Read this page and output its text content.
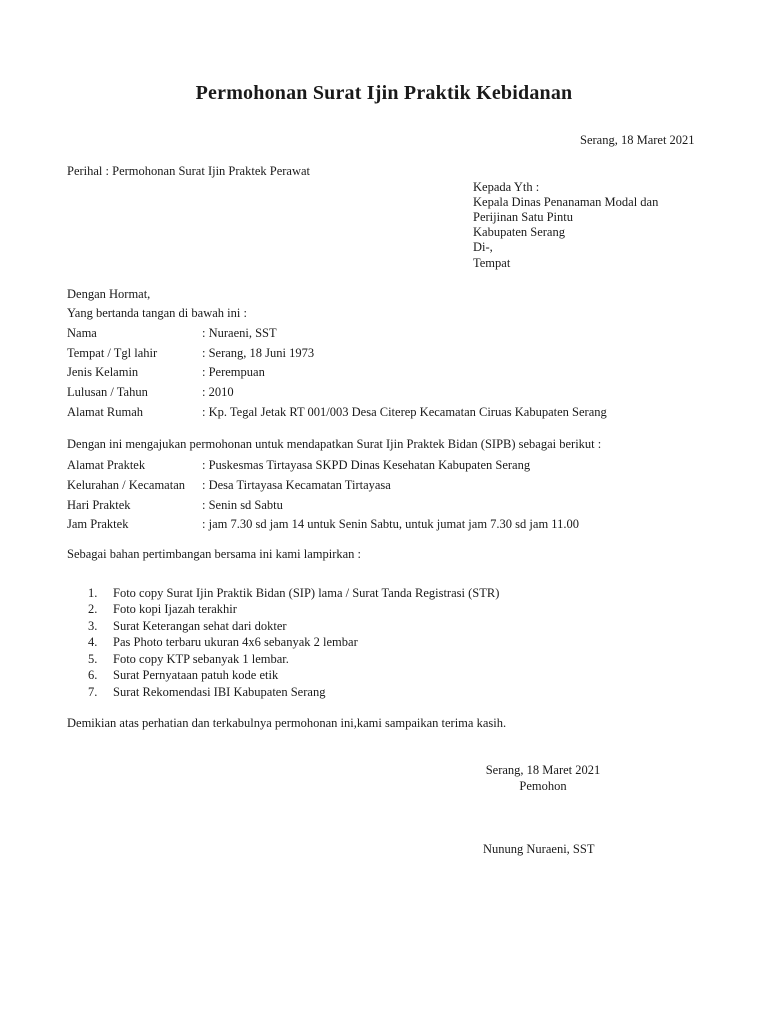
Permohonan Surat Ijin Praktik Kebidanan
Serang, 18 Maret 2021
Perihal : Permohonan Surat Ijin Praktek Perawat
Kepada Yth :
Kepala Dinas Penanaman Modal dan
Perijinan Satu Pintu
Kabupaten Serang
Di-,
Tempat
Dengan Hormat,
Yang bertanda tangan di bawah ini :
Nama	: Nuraeni, SST
Tempat / Tgl lahir	: Serang, 18 Juni 1973
Jenis Kelamin	: Perempuan
Lulusan / Tahun	: 2010
Alamat Rumah	: Kp. Tegal Jetak RT 001/003 Desa Citerep Kecamatan Ciruas Kabupaten Serang
Dengan ini mengajukan permohonan untuk mendapatkan Surat Ijin Praktek Bidan (SIPB) sebagai berikut :
Alamat Praktek	: Puskesmas Tirtayasa SKPD Dinas Kesehatan Kabupaten Serang
Kelurahan / Kecamatan : Desa Tirtayasa Kecamatan Tirtayasa
Hari Praktek	: Senin sd Sabtu
Jam Praktek	: jam 7.30 sd jam 14 untuk Senin Sabtu, untuk jumat jam 7.30 sd jam 11.00
Sebagai bahan pertimbangan bersama ini kami lampirkan :
1. Foto copy Surat Ijin Praktik Bidan (SIP) lama / Surat Tanda Registrasi (STR)
2. Foto kopi Ijazah terakhir
3. Surat Keterangan sehat dari dokter
4. Pas Photo terbaru ukuran 4x6 sebanyak 2 lembar
5. Foto copy KTP sebanyak 1 lembar.
6. Surat Pernyataan patuh kode etik
7. Surat Rekomendasi IBI Kabupaten Serang
Demikian atas perhatian dan terkabulnya permohonan ini,kami sampaikan terima kasih.
Serang, 18 Maret 2021
Pemohon
Nunung Nuraeni, SST
